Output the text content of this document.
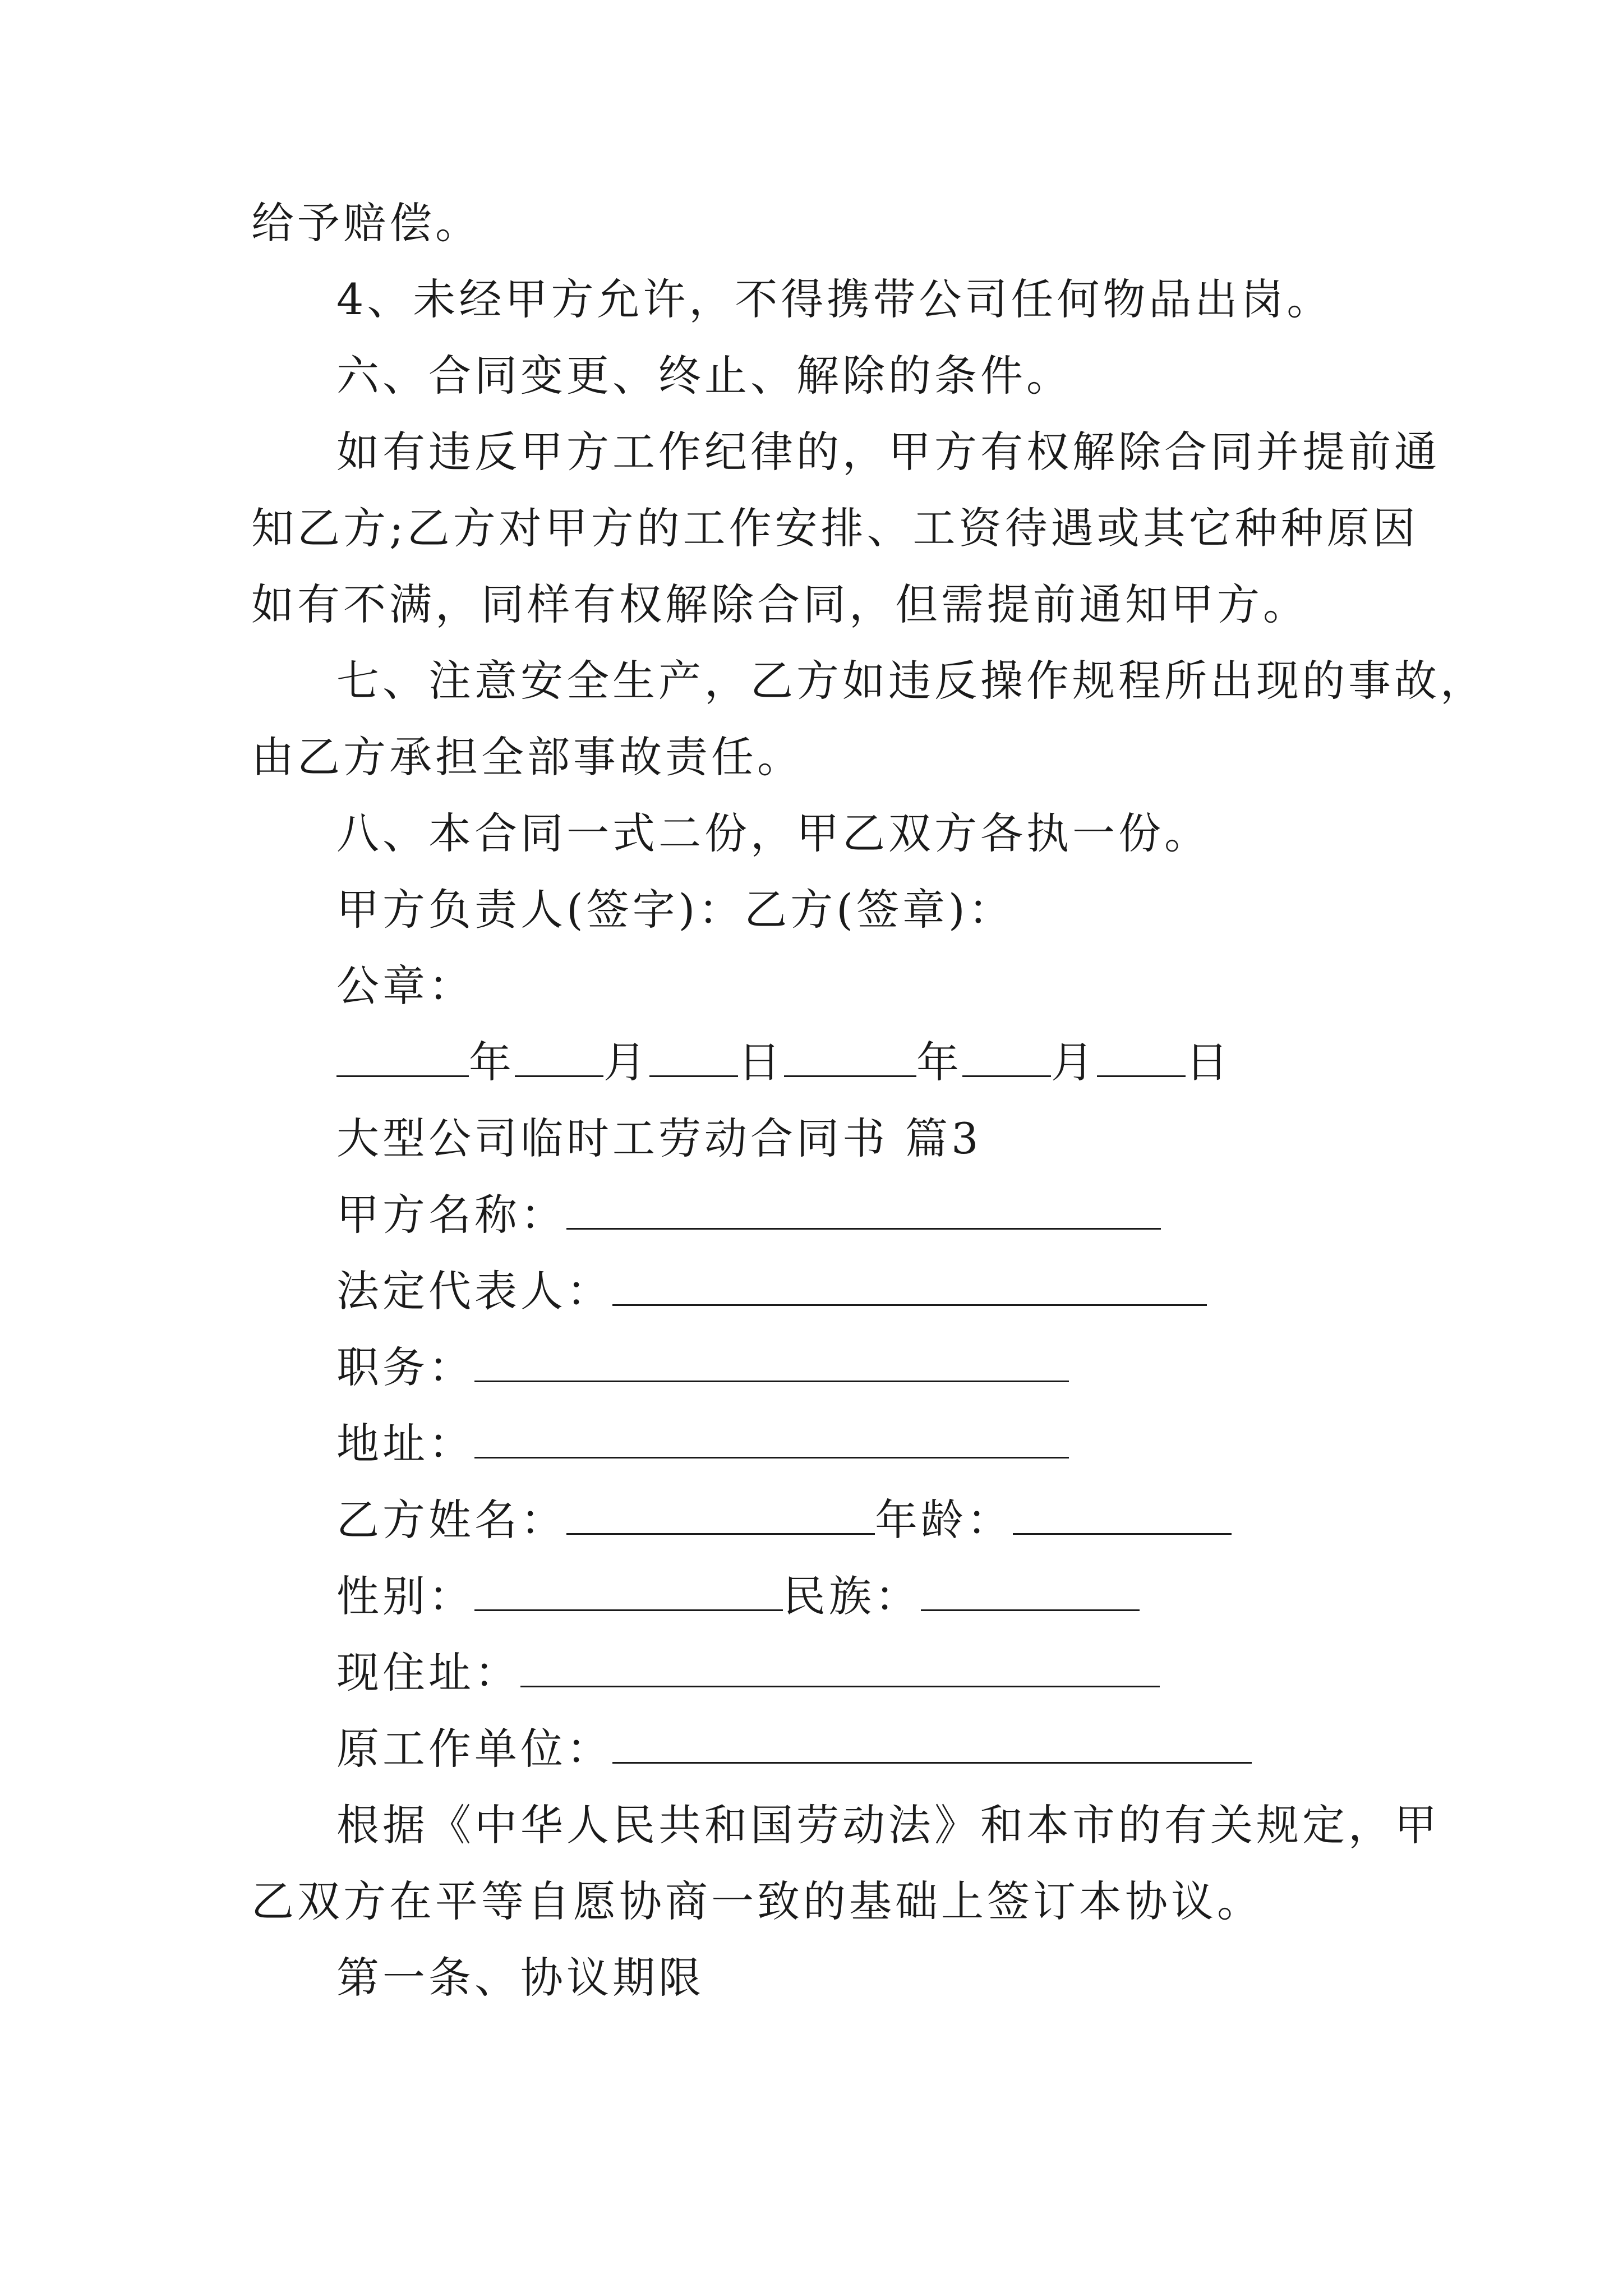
给予赔偿。
4、未经甲方允许，不得携带公司任何物品出岗。
六、合同变更、终止、解除的条件。
如有违反甲方工作纪律的，甲方有权解除合同并提前通
知乙方;乙方对甲方的工作安排、工资待遇或其它种种原因
如有不满，同样有权解除合同，但需提前通知甲方。
七、注意安全生产，乙方如违反操作规程所出现的事故，
由乙方承担全部事故责任。
八、本合同一式二份，甲乙双方各执一份。
甲方负责人(签字)：乙方(签章)：
公章：
年 月 日	年 月 日
大型公司临时工劳动合同书 篇3
甲方名称：
法定代表人：
职务：
地址：
乙方姓名：	年龄：
性别：	民族：
现住址：
原工作单位：
根据《中华人民共和国劳动法》和本市的有关规定，甲
乙双方在平等自愿协商一致的基础上签订本协议。
第一条、协议期限
